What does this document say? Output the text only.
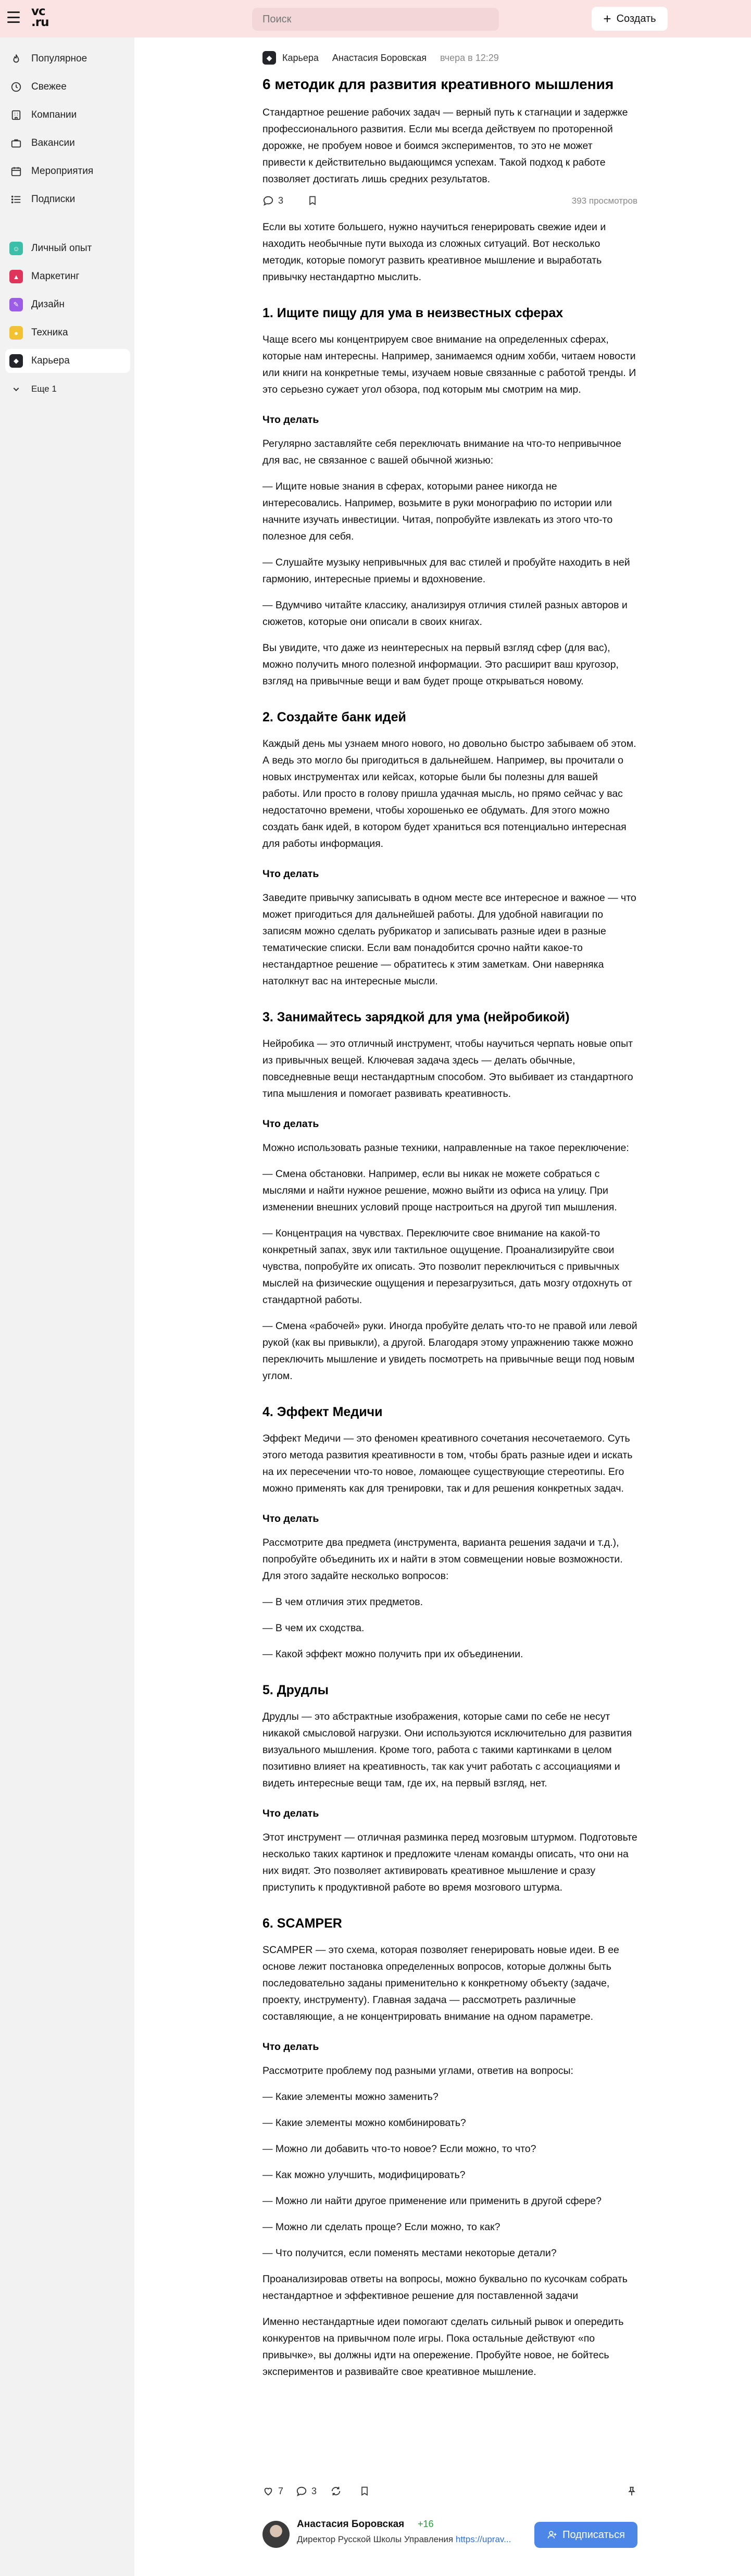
vc
.ru
Поиск	+ Создать
Популярное
Свежее
Компании
Вакансии
Мероприятия
Подписки
☺	Личный опыт
▲	Маркетинг
✎	Дизайн
●	Техника
◆	Карьера
Еще 1
◆	Карьера Анастасия Боровская вчера в 12:29
6 методик для развития креативного мышления

Стандартное решение рабочих задач — верный путь к стагнации и задержке профессионального развития. Если мы всегда действуем по проторенной дорожке, не пробуем новое и боимся экспериментов, то это не может привести к действительно выдающимся успехам. Такой подход к работе позволяет достигать лишь средних результатов.

3	393 просмотров

Если вы хотите большего, нужно научиться генерировать свежие идеи и находить необычные пути выхода из сложных ситуаций. Вот несколько методик, которые помогут развить креативное мышление и выработать привычку нестандартно мыслить.

1. Ищите пищу для ума в неизвестных сферах

Чаще всего мы концентрируем свое внимание на определенных сферах, которые нам интересны. Например, занимаемся одним хобби, читаем новости или книги на конкретные темы, изучаем новые связанные с работой тренды. И это серьезно сужает угол обзора, под которым мы смотрим на мир.

Что делать

Регулярно заставляйте себя переключать внимание на что-то непривычное для вас, не связанное с вашей обычной жизнью:

— Ищите новые знания в сферах, которыми ранее никогда не интересовались. Например, возьмите в руки монографию по истории или начните изучать инвестиции. Читая, попробуйте извлекать из этого что-то полезное для себя.

— Слушайте музыку непривычных для вас стилей и пробуйте находить в ней гармонию, интересные приемы и вдохновение.

— Вдумчиво читайте классику, анализируя отличия стилей разных авторов и сюжетов, которые они описали в своих книгах.

Вы увидите, что даже из неинтересных на первый взгляд сфер (для вас), можно получить много полезной информации. Это расширит ваш кругозор, взгляд на привычные вещи и вам будет проще открываться новому.

2. Создайте банк идей

Каждый день мы узнаем много нового, но довольно быстро забываем об этом. А ведь это могло бы пригодиться в дальнейшем. Например, вы прочитали о новых инструментах или кейсах, которые были бы полезны для вашей работы. Или просто в голову пришла удачная мысль, но прямо сейчас у вас недостаточно времени, чтобы хорошенько ее обдумать. Для этого можно создать банк идей, в котором будет храниться вся потенциально интересная для работы информация.

Что делать

Заведите привычку записывать в одном месте все интересное и важное — что может пригодиться для дальнейшей работы. Для удобной навигации по записям можно сделать рубрикатор и записывать разные идеи в разные тематические списки. Если вам понадобится срочно найти какое-то нестандартное решение — обратитесь к этим заметкам. Они наверняка натолкнут вас на интересные мысли.

3. Занимайтесь зарядкой для ума (нейробикой)

Нейробика — это отличный инструмент, чтобы научиться черпать новые опыт из привычных вещей. Ключевая задача здесь — делать обычные, повседневные вещи нестандартным способом. Это выбивает из стандартного типа мышления и помогает развивать креативность.

Что делать

Можно использовать разные техники, направленные на такое переключение:

— Смена обстановки. Например, если вы никак не можете собраться с мыслями и найти нужное решение, можно выйти из офиса на улицу. При изменении внешних условий проще настроиться на другой тип мышления.

— Концентрация на чувствах. Переключите свое внимание на какой-то конкретный запах, звук или тактильное ощущение. Проанализируйте свои чувства, попробуйте их описать. Это позволит переключиться с привычных мыслей на физические ощущения и перезагрузиться, дать мозгу отдохнуть от стандартной работы.

— Смена «рабочей» руки. Иногда пробуйте делать что-то не правой или левой рукой (как вы привыкли), а другой. Благодаря этому упражнению также можно переключить мышление и увидеть посмотреть на привычные вещи под новым углом.

4. Эффект Медичи

Эффект Медичи — это феномен креативного сочетания несочетаемого. Суть этого метода развития креативности в том, чтобы брать разные идеи и искать на их пересечении что-то новое, ломающее существующие стереотипы. Его можно применять как для тренировки, так и для решения конкретных задач.

Что делать

Рассмотрите два предмета (инструмента, варианта решения задачи и т.д.), попробуйте объединить их и найти в этом совмещении новые возможности. Для этого задайте несколько вопросов:

— В чем отличия этих предметов.

— В чем их сходства.

— Какой эффект можно получить при их объединении.

5. Друдлы

Друдлы — это абстрактные изображения, которые сами по себе не несут никакой смысловой нагрузки. Они используются исключительно для развития визуального мышления. Кроме того, работа с такими картинками в целом позитивно влияет на креативность, так как учит работать с ассоциациями и видеть интересные вещи там, где их, на первый взгляд, нет.

Что делать

Этот инструмент — отличная разминка перед мозговым штурмом. Подготовьте несколько таких картинок и предложите членам команды описать, что они на них видят. Это позволяет активировать креативное мышление и сразу приступить к продуктивной работе во время мозгового штурма.

6. SCAMPER

SCAMPER — это схема, которая позволяет генерировать новые идеи. В ее основе лежит постановка определенных вопросов, которые должны быть последовательно заданы применительно к конкретному объекту (задаче, проекту, инструменту). Главная задача — рассмотреть различные составляющие, а не концентрировать внимание на одном параметре.

Что делать

Рассмотрите проблему под разными углами, ответив на вопросы:

— Какие элементы можно заменить?

— Какие элементы можно комбинировать?

— Можно ли добавить что-то новое? Если можно, то что?

— Как можно улучшить, модифицировать?

— Можно ли найти другое применение или применить в другой сфере?

— Можно ли сделать проще? Если можно, то как?

— Что получится, если поменять местами некоторые детали?

Проанализировав ответы на вопросы, можно буквально по кусочкам собрать нестандартное и эффективное решение для поставленной задачи

Именно нестандартные идеи помогают сделать сильный рывок и опередить конкурентов на привычном поле игры. Пока остальные действуют «по привычке», вы должны идти на опережение. Пробуйте новое, не бойтесь экспериментов и развивайте свое креативное мышление.

7	3
Анастасия Боровская +16
Директор Русской Школы Управления https://uprav...	Подписаться
